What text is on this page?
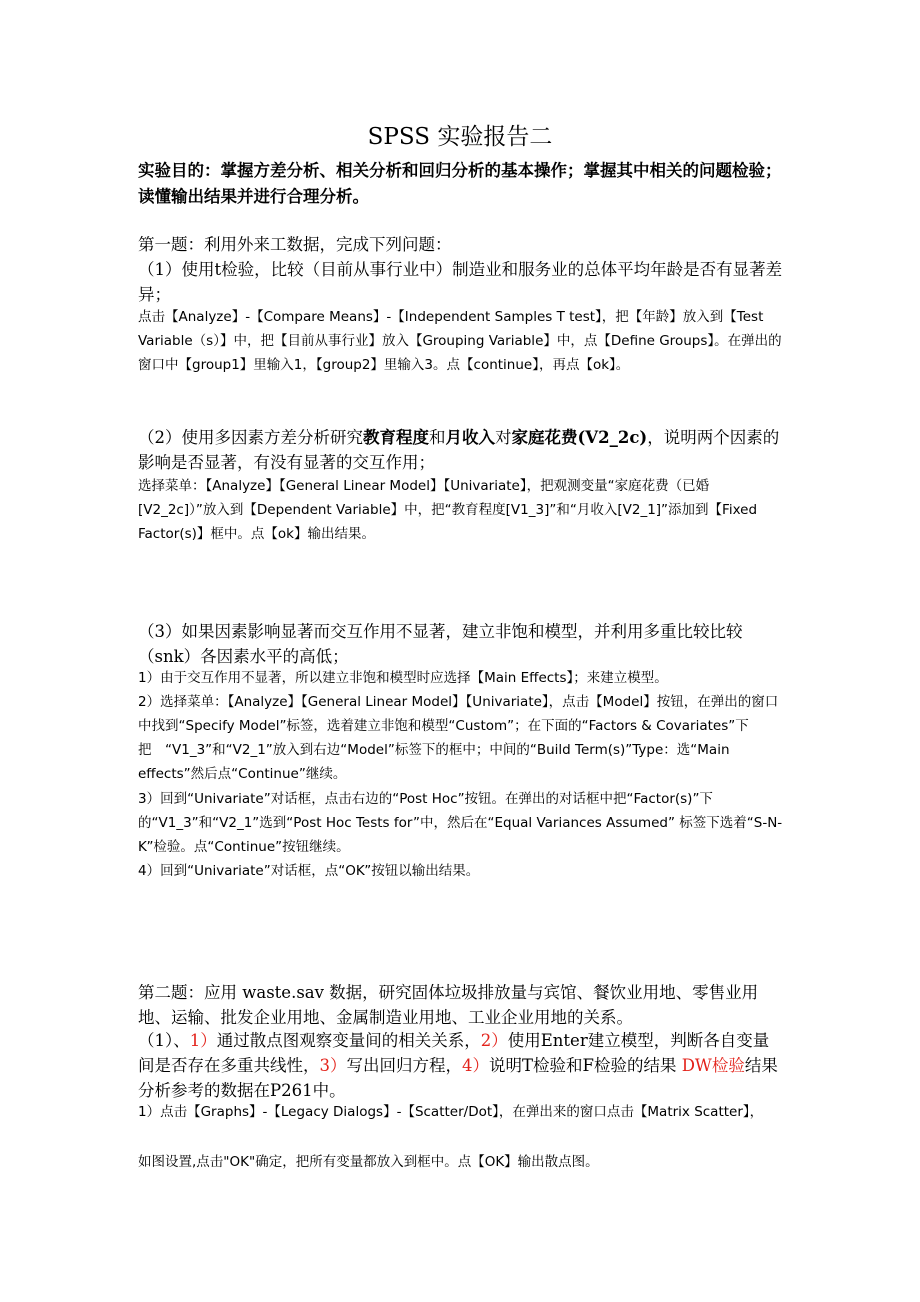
SPSS 实验报告二
实验目的：掌握方差分析、相关分析和回归分析的基本操作；掌握其中相关的问题检验；读懂输出结果并进行合理分析。
第一题：利用外来工数据，完成下列问题：
（1）使用t检验，比较（目前从事行业中）制造业和服务业的总体平均年龄是否有显著差异；
点击【Analyze】-【Compare Means】-【Independent Samples T test】，把【年龄】放入到【Test Variable（s）】中，把【目前从事行业】放入【Grouping Variable】中，点【Define Groups】。在弹出的窗口中【group1】里输入1，【group2】里输入3。点【continue】，再点【ok】。
（2）使用多因素方差分析研究教育程度和月收入对家庭花费(V2_2c)，说明两个因素的影响是否显著，有没有显著的交互作用；
选择菜单：【Analyze】【General Linear Model】【Univariate】，把观测变量“家庭花费（已婚[V2_2c]）”放入到【Dependent Variable】中，把“教育程度[V1_3]”和“月收入[V2_1]”添加到【Fixed Factor(s)】框中。点【ok】输出结果。
（3）如果因素影响显著而交互作用不显著，建立非饱和模型，并利用多重比较比较（snk）各因素水平的高低；
1）由于交互作用不显著，所以建立非饱和模型时应选择【Main Effects】；来建立模型。
2）选择菜单：【Analyze】【General Linear Model】【Univariate】，点击【Model】按钮，在弹出的窗口中找到“Specify Model”标签，选着建立非饱和模型“Custom”；在下面的“Factors & Covariates”下把　“V1_3”和“V2_1”放入到右边“Model”标签下的框中；中间的“Build Term(s)”Type：选“Main effects”然后点“Continue”继续。
3）回到“Univariate”对话框，点击右边的“Post Hoc”按钮。在弹出的对话框中把“Factor(s)”下的“V1_3”和“V2_1”选到“Post Hoc Tests for”中，然后在“Equal Variances Assumed” 标签下选着“S-N-K”检验。点“Continue”按钮继续。
4）回到“Univariate”对话框，点“OK”按钮以输出结果。
第二题：应用 waste.sav 数据，研究固体垃圾排放量与宾馆、餐饮业用地、零售业用地、运输、批发企业用地、金属制造业用地、工业企业用地的关系。
（1）、1）通过散点图观察变量间的相关关系，2）使用Enter建立模型，判断各自变量间是否存在多重共线性，3）写出回归方程，4）说明T检验和F检验的结果 DW检验结果分析参考的数据在P261中。
1）点击【Graphs】-【Legacy Dialogs】-【Scatter/Dot】，在弹出来的窗口点击【Matrix Scatter】，
如图设置,点击"OK"确定，把所有变量都放入到框中。点【OK】输出散点图。
